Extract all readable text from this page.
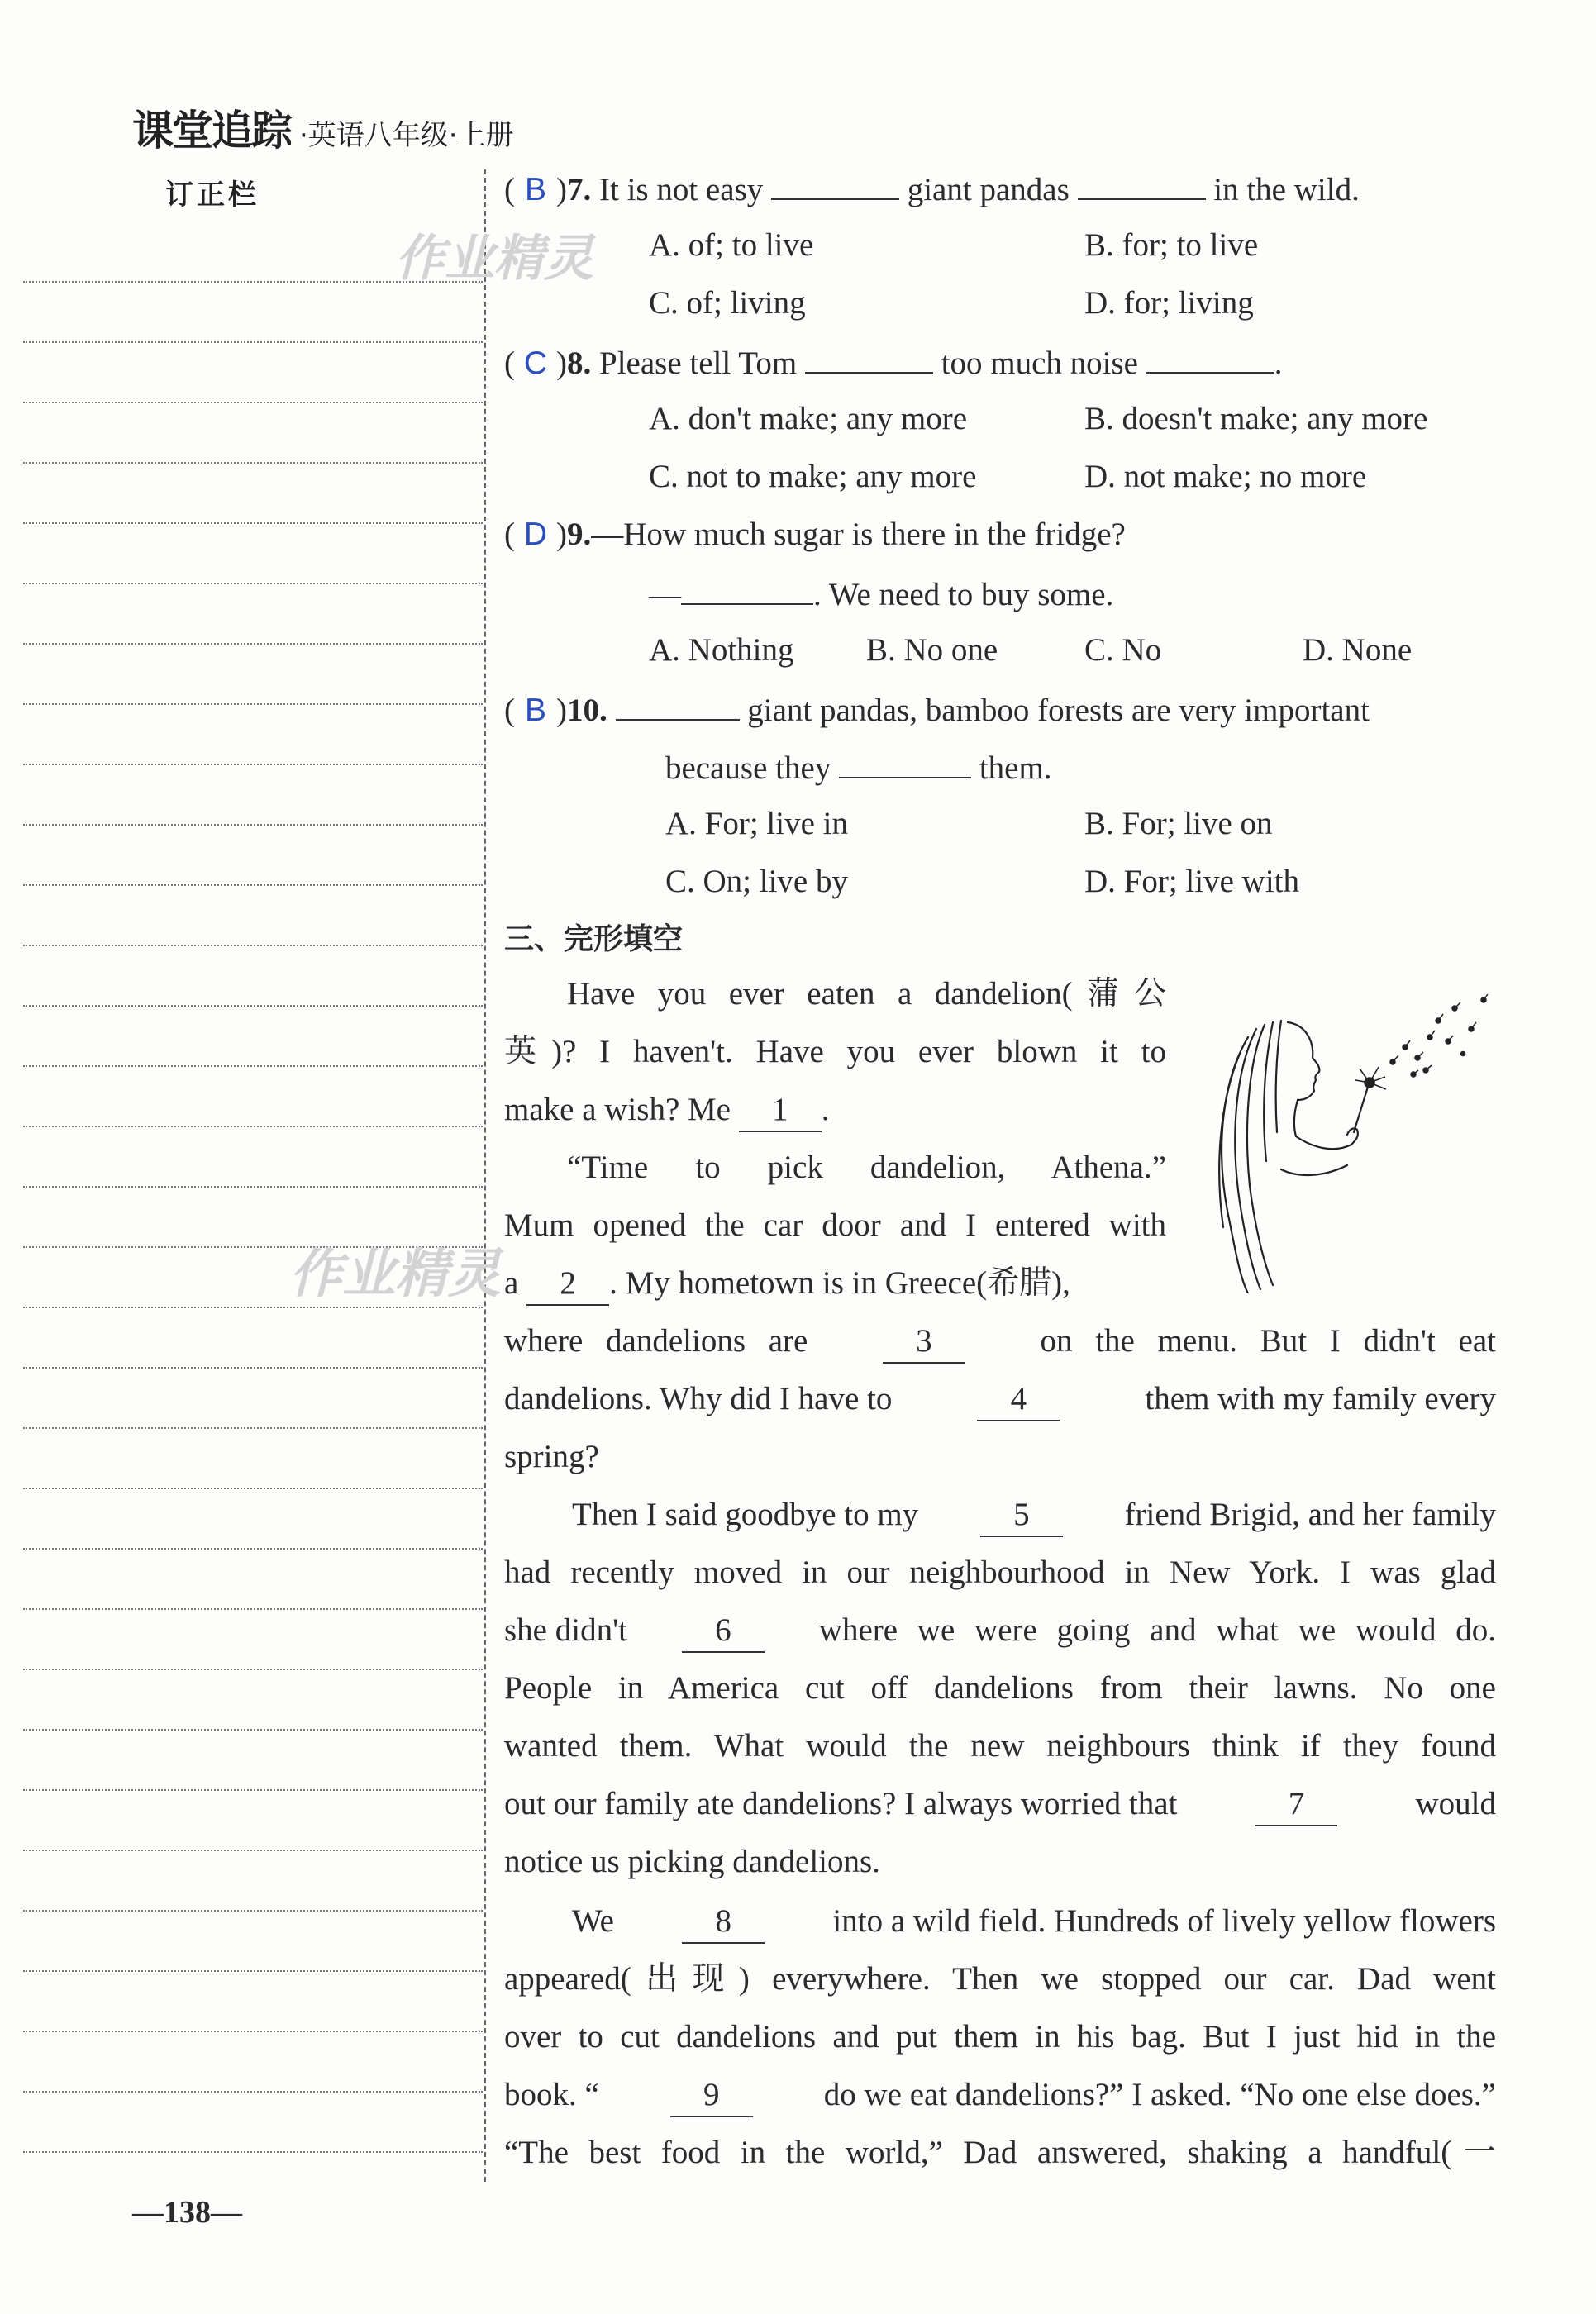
课堂追踪 ·英语八年级·上册
订正栏
作业精灵
作业精灵
( B )7. It is not easy	giant pandas	in the wild.
A. of; to live	B. for; to live
C. of; living	D. for; living
( C )8. Please tell Tom	too much noise	.
A. don't make; any more	B. doesn't make; any more
C. not to make; any more	D. not make; no more
( D )9.—How much sugar is there in the fridge?
—	. We need to buy some.
A. Nothing B. No one	C. No	D. None
( B )10.	giant pandas, bamboo forests are very important
because they	them.
A. For; live in	B. For; live on
C. On; live by	D. For; live with
三、完形填空
Have you ever eaten a dandelion(蒲公
英)? I haven't. Have you ever blown it to
make a wish? Me 1 .
“Time to pick dandelion, Athena.”
Mum opened the car door and I entered with
a 2 . My hometown is in Greece(希腊),
where dandelions are	3	on the menu. But I didn't eat
dandelions. Why did I have to	4	them with my family every
spring?
Then I said goodbye to my	5	friend Brigid, and her family
had recently moved in our neighbourhood in New York. I was glad
she didn't	6	where we were going and what we would do.
People in America cut off dandelions from their lawns. No one
wanted them. What would the new neighbours think if they found
out our family ate dandelions? I always worried that	7	would
notice us picking dandelions.
We	8	into a wild field. Hundreds of lively yellow flowers
appeared(出现) everywhere. Then we stopped our car. Dad went
over to cut dandelions and put them in his bag. But I just hid in the
book. “	9	do we eat dandelions?” I asked. “No one else does.”
“The best food in the world,” Dad answered, shaking a handful(一
—138—
